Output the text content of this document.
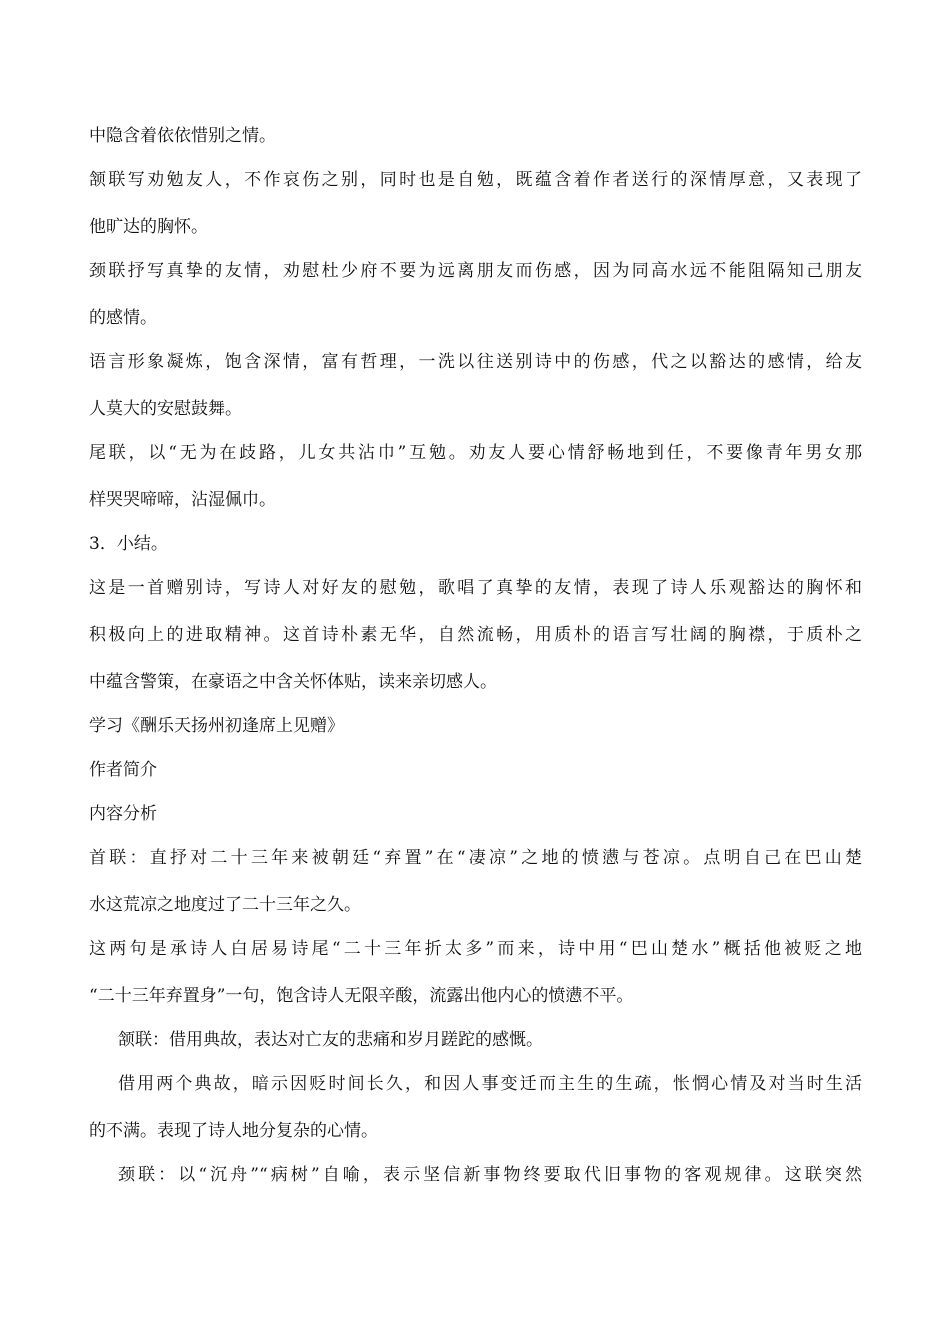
中隐含着依依惜别之情。
颔联写劝勉友人，不作哀伤之别，同时也是自勉，既蕴含着作者送行的深情厚意，又表现了
他旷达的胸怀。
颈联抒写真挚的友情，劝慰杜少府不要为远离朋友而伤感，因为同高水远不能阻隔知己朋友
的感情。
语言形象凝炼，饱含深情，富有哲理，一洗以往送别诗中的伤感，代之以豁达的感情，给友
人莫大的安慰鼓舞。
尾联，以“无为在歧路，儿女共沾巾”互勉。劝友人要心情舒畅地到任，不要像青年男女那
样哭哭啼啼，沾湿佩巾。
3．小结。
这是一首赠别诗，写诗人对好友的慰勉，歌唱了真挚的友情，表现了诗人乐观豁达的胸怀和
积极向上的进取精神。这首诗朴素无华，自然流畅，用质朴的语言写壮阔的胸襟，于质朴之
中蕴含警策，在豪语之中含关怀体贴，读来亲切感人。
学习《酬乐天扬州初逢席上见赠》
作者简介
内容分析
首联：直抒对二十三年来被朝廷“弃置”在“凄凉”之地的愤懑与苍凉。点明自己在巴山楚
水这荒凉之地度过了二十三年之久。
这两句是承诗人白居易诗尾“二十三年折太多”而来，诗中用“巴山楚水”概括他被贬之地
“二十三年弃置身”一句，饱含诗人无限辛酸，流露出他内心的愤懑不平。
颔联：借用典故，表达对亡友的悲痛和岁月蹉跎的感慨。
借用两个典故，暗示因贬时间长久，和因人事变迁而主生的生疏，怅惘心情及对当时生活
的不满。表现了诗人地分复杂的心情。
颈联：以“沉舟”“病树”自喻，表示坚信新事物终要取代旧事物的客观规律。这联突然
